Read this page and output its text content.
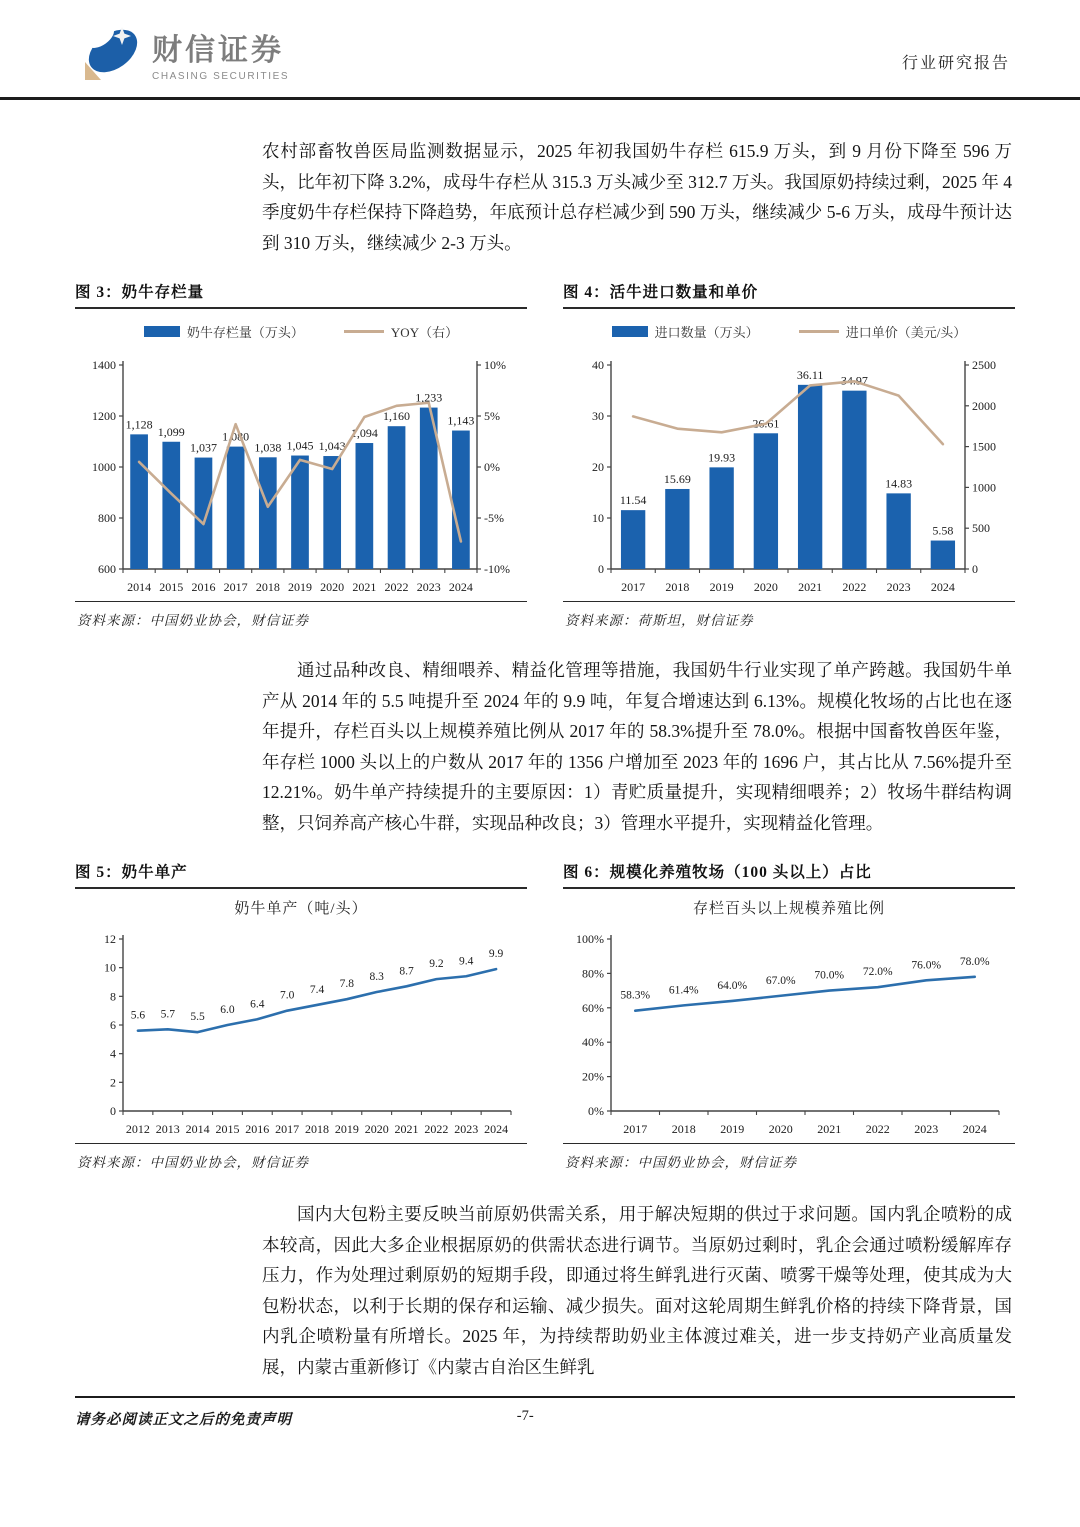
财信证券
CHASING SECURITIES
行业研究报告

农村部畜牧兽医局监测数据显示，2025 年初我国奶牛存栏 615.9 万头，到 9 月份下降至 596 万头，比年初下降 3.2%，成母牛存栏从 315.3 万头减少至 312.7 万头。我国原奶持续过剩，2025 年 4 季度奶牛存栏保持下降趋势，年底预计总存栏减少到 590 万头，继续减少 5-6 万头，成母牛预计达到 310 万头，继续减少 2-3 万头。

图 3：奶牛存栏量
奶牛存栏量（万头）	YOY（右）
600
800
1000
1200
1400
-10%
-5%
0%
5%
10%
2014 2015 2016 2017 2018 2019 2020 2021 2022 2023 2024
1,128
1,099
1,037
1,080
1,038 1,045 1,043
1,094
1,160
1,233
1,143
资料来源：中国奶业协会，财信证券
图 4：活牛进口数量和单价
进口数量（万头）	进口单价（美元/头）
0
10
20
30
40
0
500
1000
1500
2000
2500
2017 2018 2019 2020 2021 2022 2023 2024
11.54
15.69
19.93
26.61
36.11 34.97
14.83
5.58
资料来源：荷斯坦，财信证券

通过品种改良、精细喂养、精益化管理等措施，我国奶牛行业实现了单产跨越。我国奶牛单产从 2014 年的 5.5 吨提升至 2024 年的 9.9 吨，年复合增速达到 6.13%。规模化牧场的占比也在逐年提升，存栏百头以上规模养殖比例从 2017 年的 58.3%提升至 78.0%。根据中国畜牧兽医年鉴，年存栏 1000 头以上的户数从 2017 年的 1356 户增加至 2023 年的 1696 户，其占比从 7.56%提升至 12.21%。奶牛单产持续提升的主要原因：1）青贮质量提升，实现精细喂养；2）牧场牛群结构调整，只饲养高产核心牛群，实现品种改良；3）管理水平提升，实现精益化管理。

图 5：奶牛单产
奶牛单产（吨/头）
0
2
4
6
8
10
12
2012 2013 2014 2015 2016 2017 2018 2019 2020 2021 2022 2023 2024
5.6 5.7 5.5
6.0 6.4
7.0 7.4 7.8
8.3 8.7
9.2 9.4
9.9
资料来源：中国奶业协会，财信证券
图 6：规模化养殖牧场（100 头以上）占比
存栏百头以上规模养殖比例
0%
20%
40%
60%
80%
100%
2017 2018 2019 2020 2021 2022 2023 2024
58.3% 61.4% 64.0% 67.0% 70.0% 72.0%
76.0% 78.0%
资料来源：中国奶业协会，财信证券

国内大包粉主要反映当前原奶供需关系，用于解决短期的供过于求问题。国内乳企喷粉的成本较高，因此大多企业根据原奶的供需状态进行调节。当原奶过剩时，乳企会通过喷粉缓解库存压力，作为处理过剩原奶的短期手段，即通过将生鲜乳进行灭菌、喷雾干燥等处理，使其成为大包粉状态，以利于长期的保存和运输、减少损失。面对这轮周期生鲜乳价格的持续下降背景，国内乳企喷粉量有所增长。2025 年，为持续帮助奶业主体渡过难关，进一步支持奶产业高质量发展，内蒙古重新修订《内蒙古自治区生鲜乳

请务必阅读正文之后的免责声明	-7-
